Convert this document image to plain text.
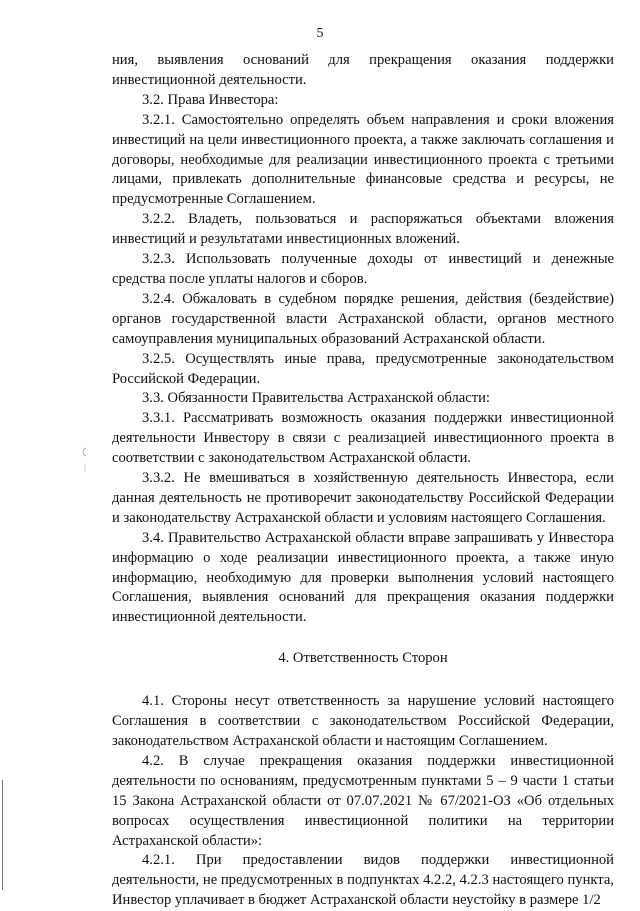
5

ния, выявления оснований для прекращения оказания поддержки инвестиционной деятельности.

3.2. Права Инвестора:

3.2.1. Самостоятельно определять объем направления и сроки вложения инвестиций на цели инвестиционного проекта, а также заключать соглашения и договоры, необходимые для реализации инвестиционного проекта с третьими лицами, привлекать дополнительные финансовые средства и ресурсы, не предусмотренные Соглашением.

3.2.2. Владеть, пользоваться и распоряжаться объектами вложения инвестиций и результатами инвестиционных вложений.

3.2.3. Использовать полученные доходы от инвестиций и денежные средства после уплаты налогов и сборов.

3.2.4. Обжаловать в судебном порядке решения, действия (бездействие) органов государственной власти Астраханской области, органов местного самоуправления муниципальных образований Астраханской области.

3.2.5. Осуществлять иные права, предусмотренные законодательством Российской Федерации.

3.3. Обязанности Правительства Астраханской области:

3.3.1. Рассматривать возможность оказания поддержки инвестиционной деятельности Инвестору в связи с реализацией инвестиционного проекта в соответствии с законодательством Астраханской области.

3.3.2. Не вмешиваться в хозяйственную деятельность Инвестора, если данная деятельность не противоречит законодательству Российской Федерации и законодательству Астраханской области и условиям настоящего Соглашения.

3.4. Правительство Астраханской области вправе запрашивать у Инвестора информацию о ходе реализации инвестиционного проекта, а также иную информацию, необходимую для проверки выполнения условий настоящего Соглашения, выявления оснований для прекращения оказания поддержки инвестиционной деятельности.

4. Ответственность Сторон

4.1. Стороны несут ответственность за нарушение условий настоящего Соглашения в соответствии с законодательством Российской Федерации, законодательством Астраханской области и настоящим Соглашением.

4.2. В случае прекращения оказания поддержки инвестиционной деятельности по основаниям, предусмотренным пунктами 5 – 9 части 1 статьи 15 Закона Астраханской области от 07.07.2021 № 67/2021-ОЗ «Об отдельных вопросах осуществления инвестиционной политики на территории Астраханской области»:

4.2.1. При предоставлении видов поддержки инвестиционной деятельности, не предусмотренных в подпунктах 4.2.2, 4.2.3 настоящего пункта, Инвестор уплачивает в бюджет Астраханской области неустойку в размере 1/2
